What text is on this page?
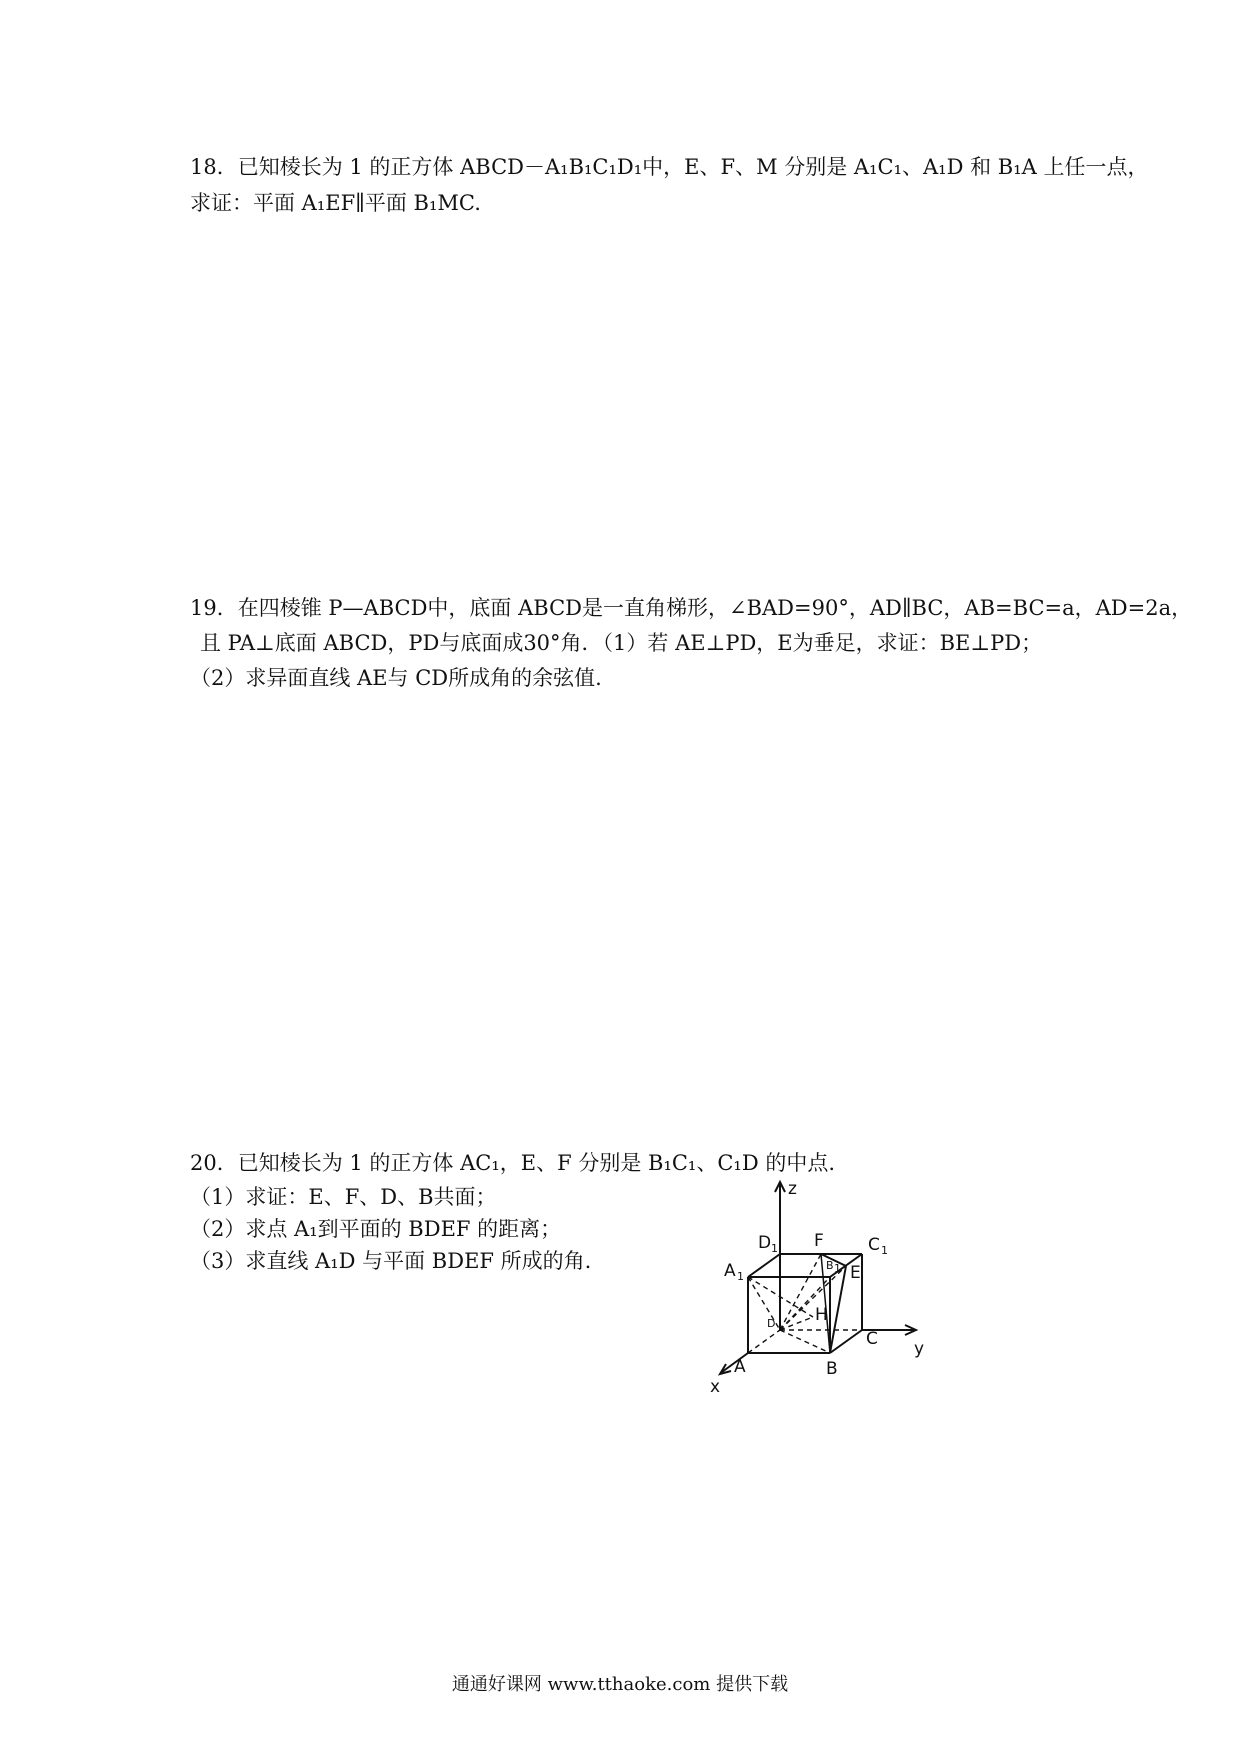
18．已知棱长为 1 的正方体 ABCD－A₁B₁C₁D₁中，E、F、M 分别是 A₁C₁、A₁D 和 B₁A 上任一点，
求证：平面 A₁EF∥平面 B₁MC.
19．在四棱锥 P—ABCD中，底面 ABCD是一直角梯形，∠BAD=90°，AD∥BC，AB=BC=a，AD=2a，
且 PA⊥底面 ABCD，PD与底面成30°角．（1）若 AE⊥PD，E为垂足，求证：BE⊥PD；
（2）求异面直线 AE与 CD所成角的余弦值.
20．已知棱长为 1 的正方体 AC₁，E、F 分别是 B₁C₁、C₁D 的中点.
（1）求证：E、F、D、B共面；
（2）求点 A₁到平面的 BDEF 的距离；
（3）求直线 A₁D 与平面 BDEF 所成的角.
z
y
x
D 1 F	C 1
A 1
B 1 E
D H
C
A	B
通通好课网 www.tthaoke.com 提供下载
